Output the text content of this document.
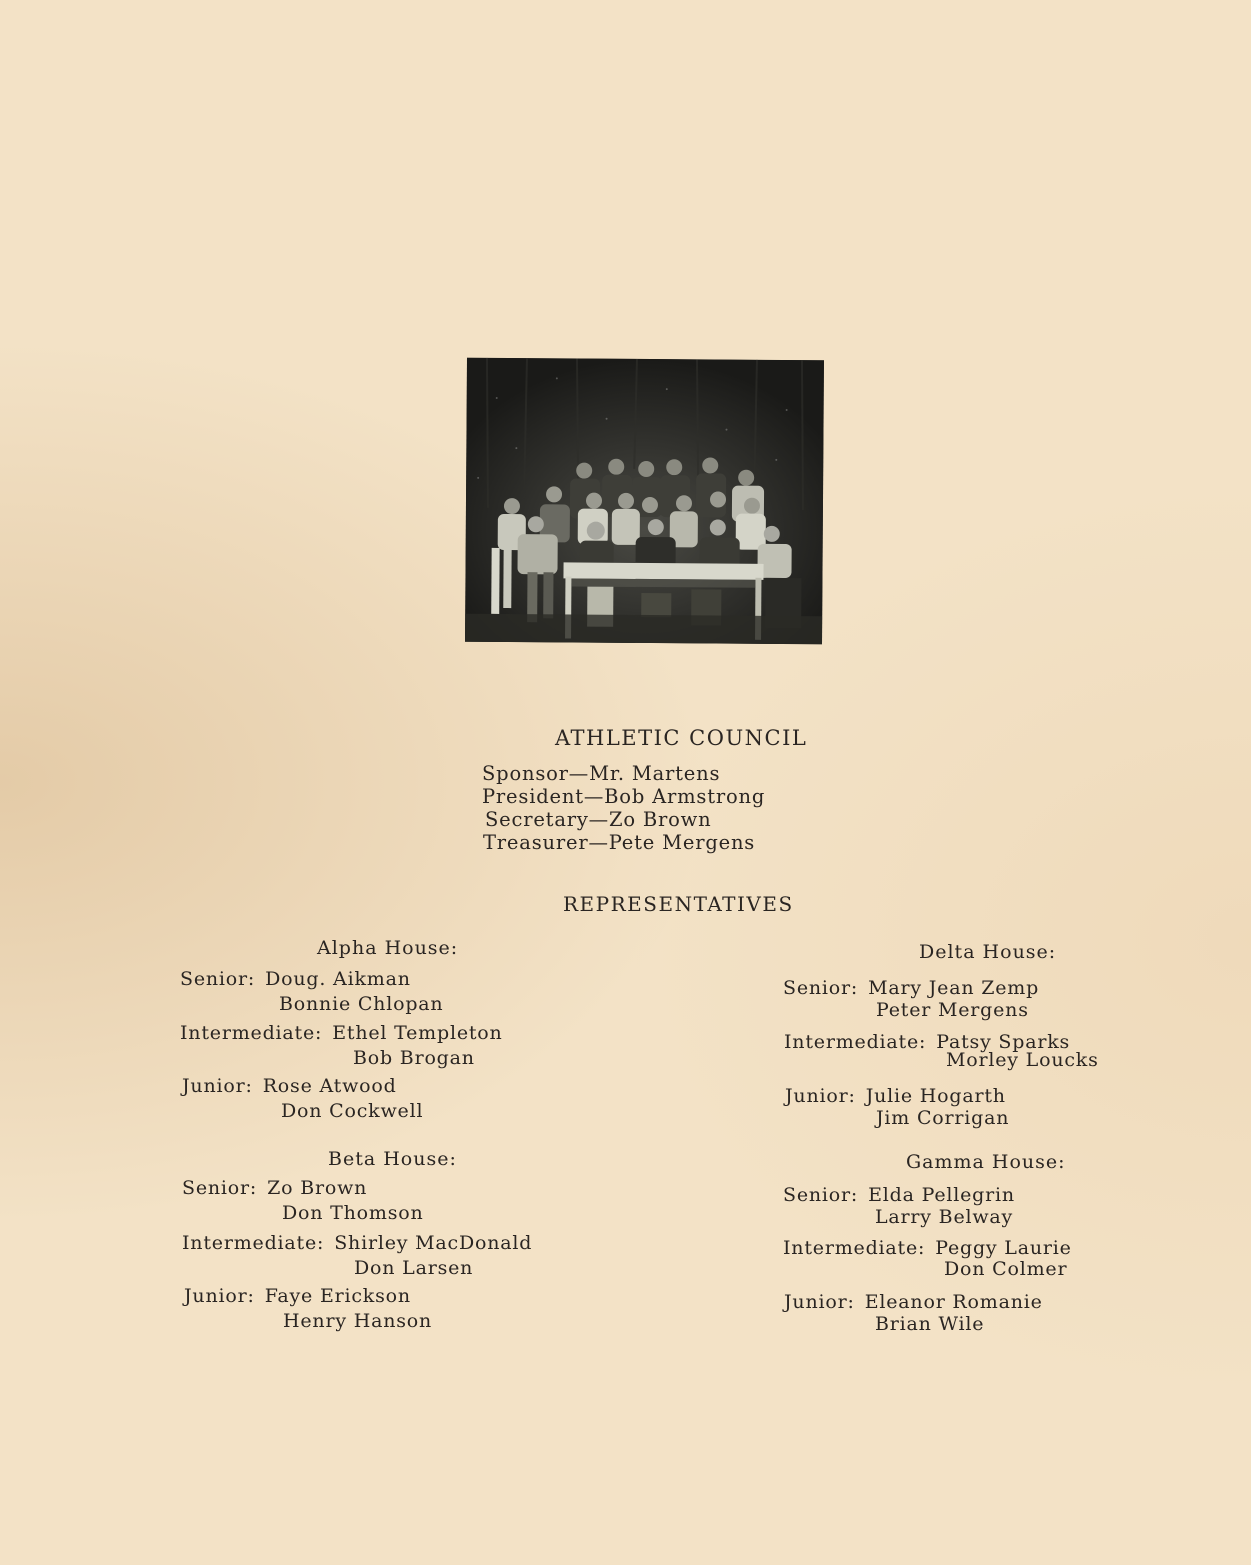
ATHLETIC COUNCIL
Sponsor—Mr. Martens
President—Bob Armstrong
Secretary—Zo Brown
Treasurer—Pete Mergens
REPRESENTATIVES
Alpha House:
Senior: Doug. Aikman
Bonnie Chlopan
Intermediate: Ethel Templeton
Bob Brogan
Junior: Rose Atwood
Don Cockwell
Beta House:
Senior: Zo Brown
Don Thomson
Intermediate: Shirley MacDonald
Don Larsen
Junior: Faye Erickson
Henry Hanson
Delta House:
Senior: Mary Jean Zemp
Peter Mergens
Intermediate: Patsy Sparks
Morley Loucks
Junior: Julie Hogarth
Jim Corrigan
Gamma House:
Senior: Elda Pellegrin
Larry Belway
Intermediate: Peggy Laurie
Don Colmer
Junior: Eleanor Romanie
Brian Wile
